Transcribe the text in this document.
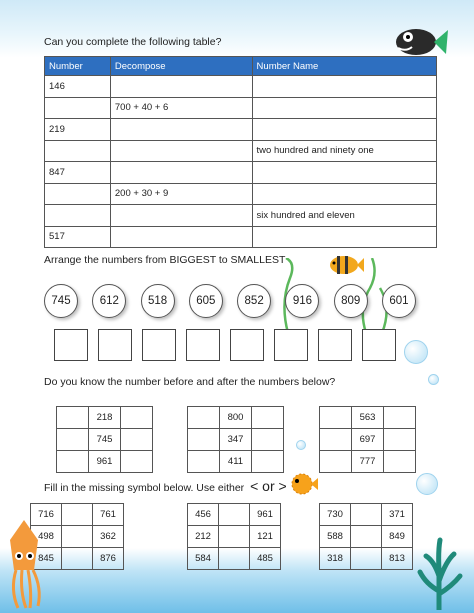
Can you complete the following table?
Number	Decompose	Number Name
146		
	700 + 40 + 6	
219		
		two hundred and ninety one
847		
	200 + 30 + 9	
		six hundred and eleven
517		
Arrange the numbers from BIGGEST to SMALLEST
745	612	518	605	852	916	809	601
Do you know the number before and after the numbers below?
	218	
	745	
	961	
	800	
	347	
	411	
	563	
	697	
	777	
Fill in the missing symbol below. Use either < or >
716		761
498		362
845		876
456		961
212		121
584		485
730		371
588		849
318		813
